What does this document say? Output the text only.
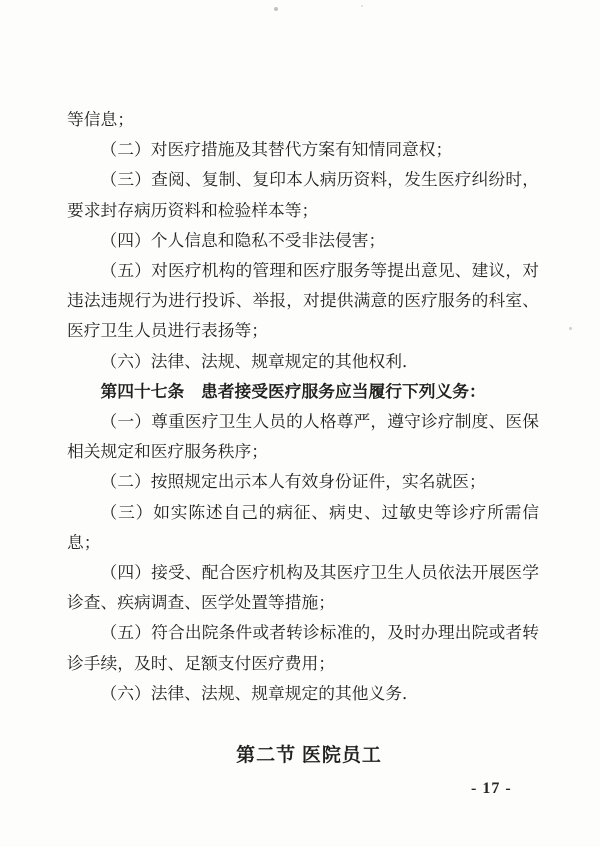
等信息；

（二）对医疗措施及其替代方案有知情同意权；

（三）查阅、复制、复印本人病历资料，发生医疗纠纷时，要求封存病历资料和检验样本等；

（四）个人信息和隐私不受非法侵害；

（五）对医疗机构的管理和医疗服务等提出意见、建议，对违法违规行为进行投诉、举报，对提供满意的医疗服务的科室、医疗卫生人员进行表扬等；

（六）法律、法规、规章规定的其他权利．

第四十七条　患者接受医疗服务应当履行下列义务：

（一）尊重医疗卫生人员的人格尊严，遵守诊疗制度、医保相关规定和医疗服务秩序；

（二）按照规定出示本人有效身份证件，实名就医；

（三）如实陈述自己的病征、病史、过敏史等诊疗所需信息；

（四）接受、配合医疗机构及其医疗卫生人员依法开展医学诊查、疾病调查、医学处置等措施；

（五）符合出院条件或者转诊标准的，及时办理出院或者转诊手续，及时、足额支付医疗费用；

（六）法律、法规、规章规定的其他义务．

第二节 医院员工
- 17 -
